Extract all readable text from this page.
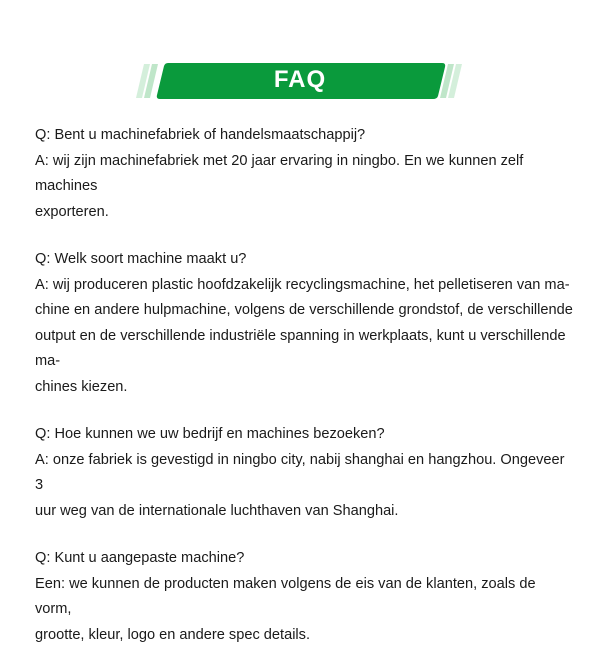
FAQ

Q: Bent u machinefabriek of handelsmaatschappij?

A: wij zijn machinefabriek met 20 jaar ervaring in ningbo. En we kunnen zelf machines

exporteren.

Q: Welk soort machine maakt u?

A: wij produceren plastic hoofdzakelijk recyclingsmachine, het pelletiseren van ma-

chine en andere hulpmachine, volgens de verschillende grondstof, de verschillende

output en de verschillende industriële spanning in werkplaats, kunt u verschillende ma-

chines kiezen.

Q: Hoe kunnen we uw bedrijf en machines bezoeken?

A: onze fabriek is gevestigd in ningbo city, nabij shanghai en hangzhou. Ongeveer 3

uur weg van de internationale luchthaven van Shanghai.

Q: Kunt u aangepaste machine?

Een: we kunnen de producten maken volgens de eis van de klanten, zoals de vorm,

grootte, kleur, logo en andere spec details.
